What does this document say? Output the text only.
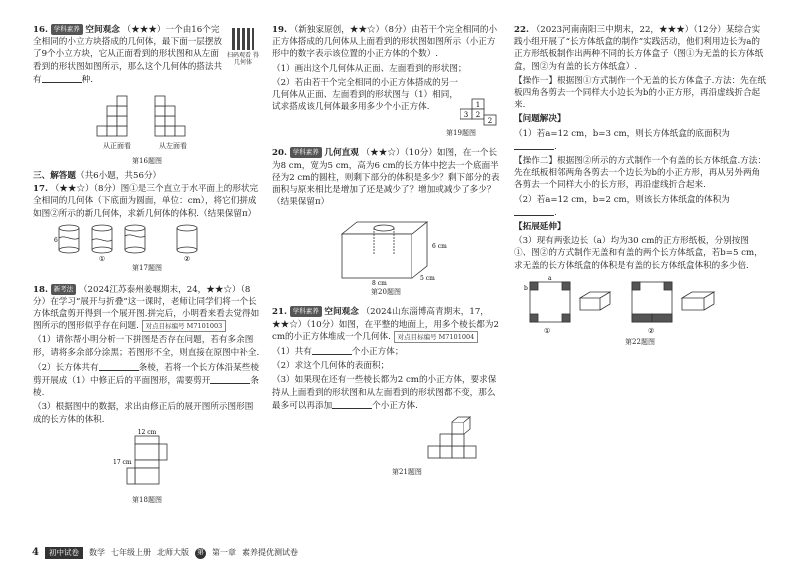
16. 学科素养 空间观念 （★★★）一个由16个完全相同的小立方块搭成的几何体，最下面一层摆放了9个小立方块，它从正面看到的形状图和从左面看到的形状图如图所示，那么这个几何体的搭法共有	种.
从正面看	从左面看
第16题图
三、解答题（共6小题，共56分）
17. （★★☆）（8分）图①是三个直立于水平面上的形状完全相同的几何体（下底面为圆面，单位：cm），将它们拼成如图②所示的新几何体，求新几何体的体积.（结果保留π）
①	②
6
第17题图
18. 新考法 （2024江苏泰州姜堰期末，24，★★☆）（8分）在学习“展开与折叠”这一课时，老师让同学们将一个长方体纸盒剪开得到一个展开图.拼完后，小明看来看去觉得如图所示的图形似乎存在问题. 对点目标编号 M7101003
（1）请你帮小明分析一下拼图是否存在问题，若有多余图形，请将多余部分涂黑；若图形不全，则直接在原图中补全.
（2）长方体共有	条棱，若将一个长方体沿某些棱剪开展成（1）中修正后的平面图形，需要剪开	条棱.
（3）根据图中的数据，求出由修正后的展开图所示图形围成的长方体的体积.
12 cm
17 cm
第18题图
扫码观看 得几何体
19. （新独家原创，★★☆）（8分）由若干个完全相同的小正方体搭成的几何体从上面看到的形状图如图所示（小正方形中的数字表示该位置的小正方体的个数）.
（1）画出这个几何体从正面、左面看到的形状图；
（2）若由若干个完全相同的小正方体搭成的另一几何体从正面、左面看到的形状图与（1）相同，试求搭成该几何体最多用多少个小正方体.	1
3 2
2
第19题图
20. 学科素养 几何直观 （★★☆）（10分）如图，在一个长为8 cm，宽为5 cm，高为6 cm的长方体中挖去一个底面半径为2 cm的圆柱，则剩下部分的体积是多少？剩下部分的表面积与原来相比是增加了还是减少了？增加或减少了多少？（结果保留π）
6 cm
5 cm
8 cm
第20题图
21. 学科素养 空间观念 （2024山东淄博高青期末，17，★★☆）（10分）如图，在平整的地面上，用多个棱长都为2 cm的小正方体堆成一个几何体. 对点目标编号 M7101004
（1）共有	个小正方体；
（2）求这个几何体的表面积；
（3）如果现在还有一些棱长都为2 cm的小正方体，要求保持从上面看到的形状图和从左面看到的形状图都不变，那么最多可以再添加	个小正方体.
第21题图
22. （2023河南南阳三中期末，22，★★★）（12分）某综合实践小组开展了“长方体纸盒的制作”实践活动，他们利用边长为a的正方形纸板制作出两种不同的长方体盒子（图①为无盖的长方体纸盒，图②为有盖的长方体纸盒）.
【操作一】根据图①方式制作一个无盖的长方体盒子.方法：先在纸板四角各剪去一个同样大小边长为b的小正方形，再沿虚线折合起来.
【问题解决】
（1）若a=12 cm，b=3 cm，则长方体纸盒的底面积为.
【操作二】根据图②所示的方式制作一个有盖的长方体纸盒.方法：先在纸板相邻两角各剪去一个边长为b的小正方形，再从另外两角各剪去一个同样大小的长方形，再沿虚线折合起来.
（2）若a=12 cm，b=2 cm，则该长方体纸盒的体积为.
【拓展延伸】
（3）现有两张边长（a）均为30 cm的正方形纸板，分别按图①、图②的方式制作无盖和有盖的两个长方体纸盒，若b=5 cm，求无盖的长方体纸盒的体积是有盖的长方体纸盒体积的多少倍.
b
a
①	②
第22题图
4	初中试卷	数学 七年级上册 北师大版 第 第一章 素养提优测试卷
